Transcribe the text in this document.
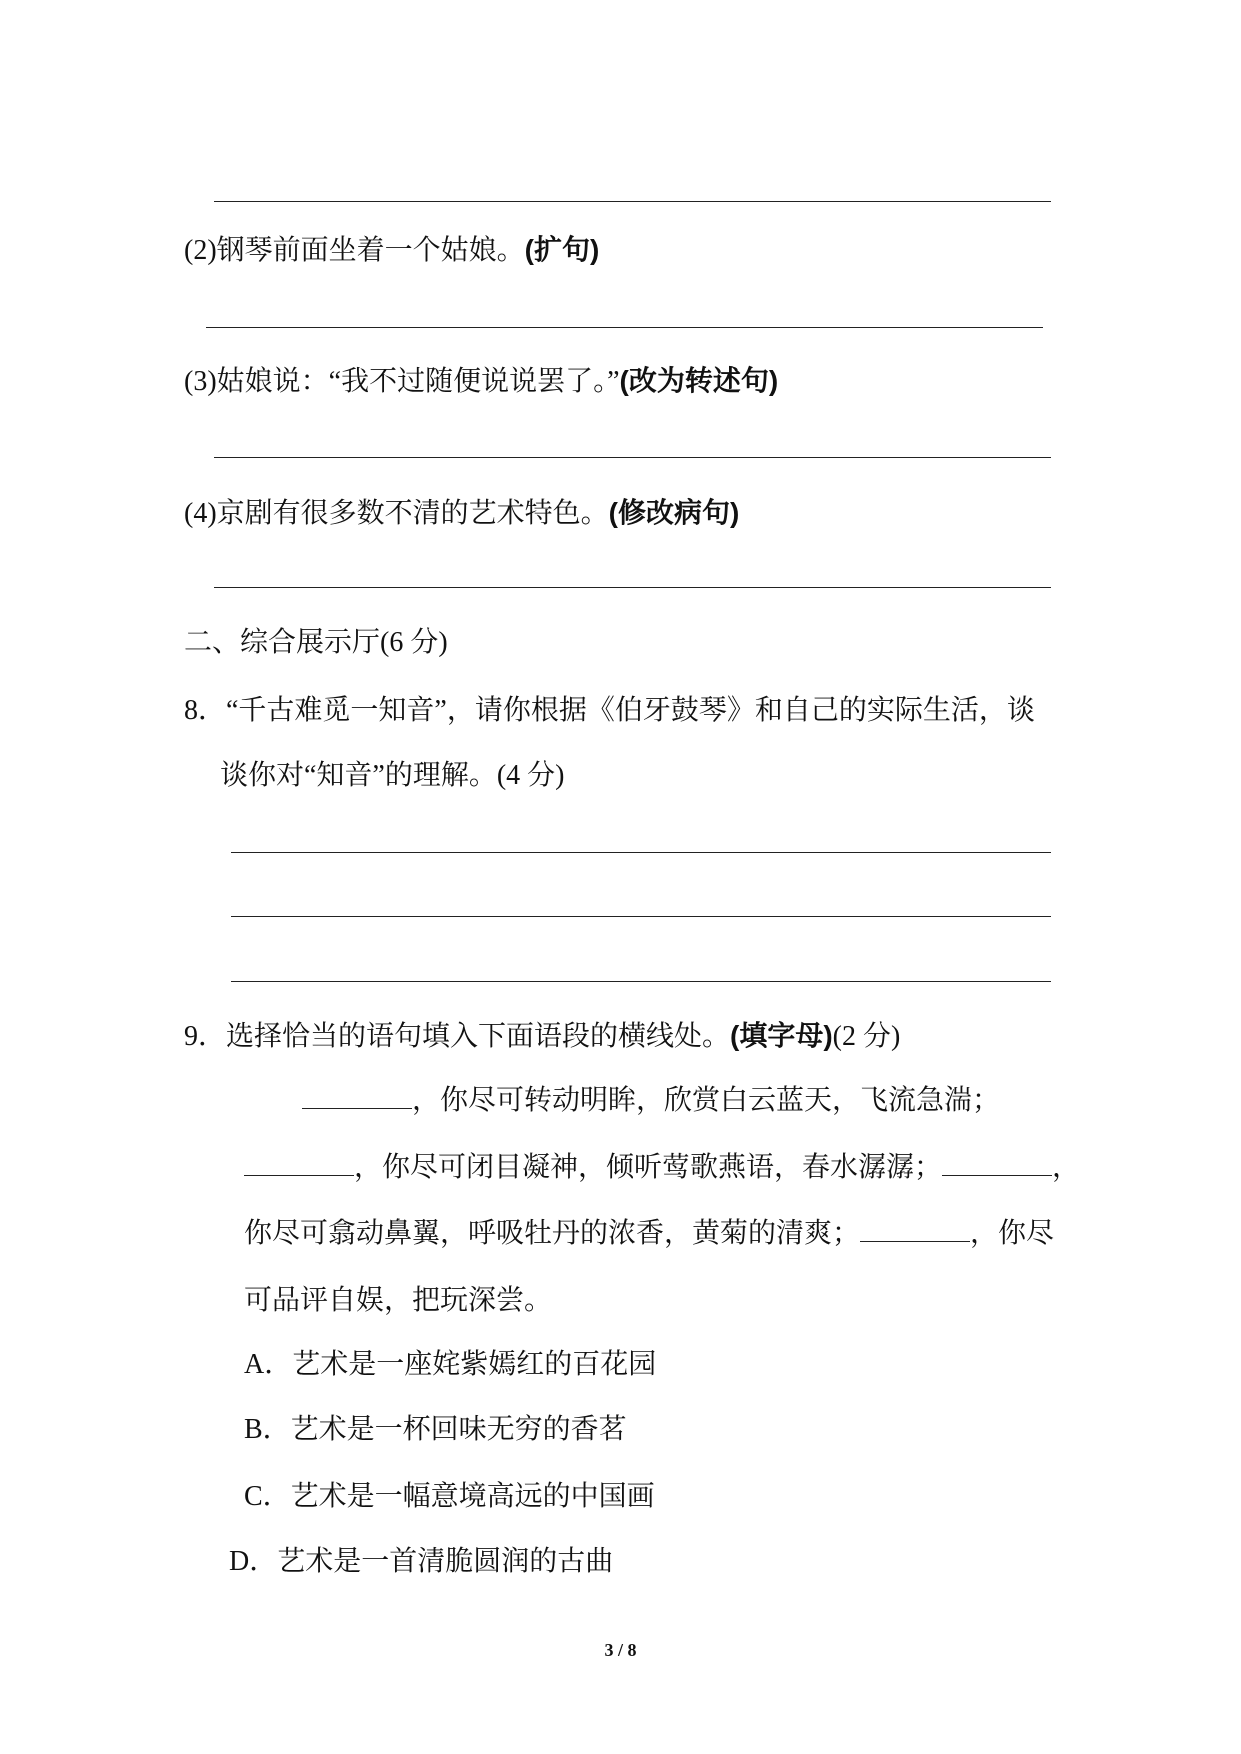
(2)钢琴前面坐着一个姑娘。(扩句)
(3)姑娘说：“我不过随便说说罢了。”(改为转述句)
(4)京剧有很多数不清的艺术特色。(修改病句)
二、综合展示厅(6 分)
8．“千古难觅一知音”，请你根据《伯牙鼓琴》和自己的实际生活，谈
谈你对“知音”的理解。(4 分)
9．选择恰当的语句填入下面语段的横线处。(填字母)(2 分)
，你尽可转动明眸，欣赏白云蓝天，飞流急湍；
，你尽可闭目凝神，倾听莺歌燕语，春水潺潺；	，
你尽可翕动鼻翼，呼吸牡丹的浓香，黄菊的清爽；	，你尽
可品评自娱，把玩深尝。
A．艺术是一座姹紫嫣红的百花园
B．艺术是一杯回味无穷的香茗
C．艺术是一幅意境高远的中国画
D．艺术是一首清脆圆润的古曲
3 / 8
